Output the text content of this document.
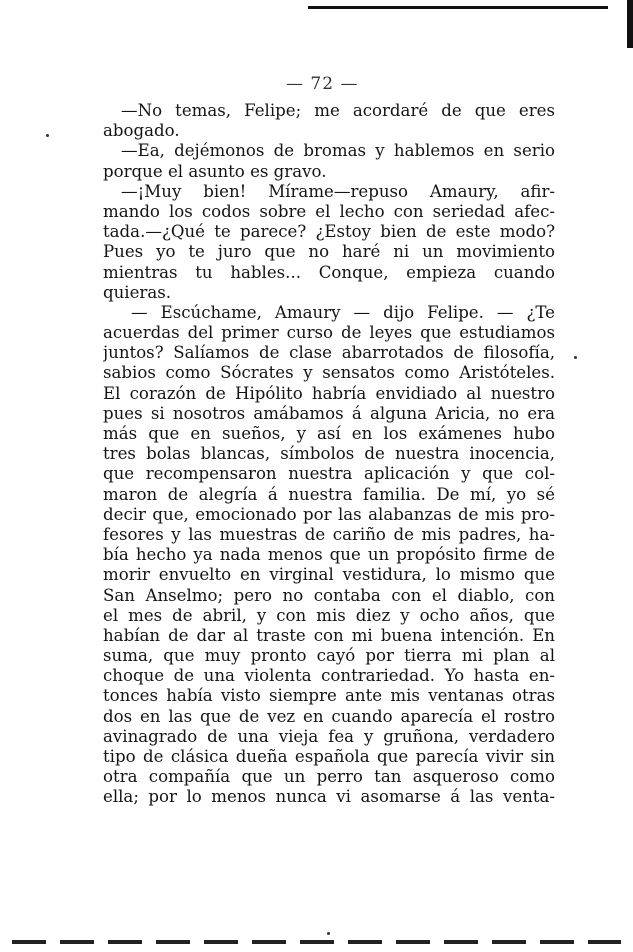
— 72 —
—No temas, Felipe; me acordaré de que eres
abogado.
—Ea, dejémonos de bromas y hablemos en serio
porque el asunto es gravo.
—¡Muy bien! Mírame—repuso Amaury, afir-
mando los codos sobre el lecho con seriedad afec-
tada.—¿Qué te parece? ¿Estoy bien de este modo?
Pues yo te juro que no haré ni un movimiento
mientras tu hables... Conque, empieza cuando
quieras.
— Escúchame, Amaury — dijo Felipe. — ¿Te
acuerdas del primer curso de leyes que estudiamos
juntos? Salíamos de clase abarrotados de filosofía,
sabios como Sócrates y sensatos como Aristóteles.
El corazón de Hipólito habría envidiado al nuestro
pues si nosotros amábamos á alguna Aricia, no era
más que en sueños, y así en los exámenes hubo
tres bolas blancas, símbolos de nuestra inocencia,
que recompensaron nuestra aplicación y que col-
maron de alegría á nuestra familia. De mí, yo sé
decir que, emocionado por las alabanzas de mis pro-
fesores y las muestras de cariño de mis padres, ha-
bía hecho ya nada menos que un propósito firme de
morir envuelto en virginal vestidura, lo mismo que
San Anselmo; pero no contaba con el diablo, con
el mes de abril, y con mis diez y ocho años, que
habían de dar al traste con mi buena intención. En
suma, que muy pronto cayó por tierra mi plan al
choque de una violenta contrariedad. Yo hasta en-
tonces había visto siempre ante mis ventanas otras
dos en las que de vez en cuando aparecía el rostro
avinagrado de una vieja fea y gruñona, verdadero
tipo de clásica dueña española que parecía vivir sin
otra compañía que un perro tan asqueroso como
ella; por lo menos nunca vi asomarse á las venta-
